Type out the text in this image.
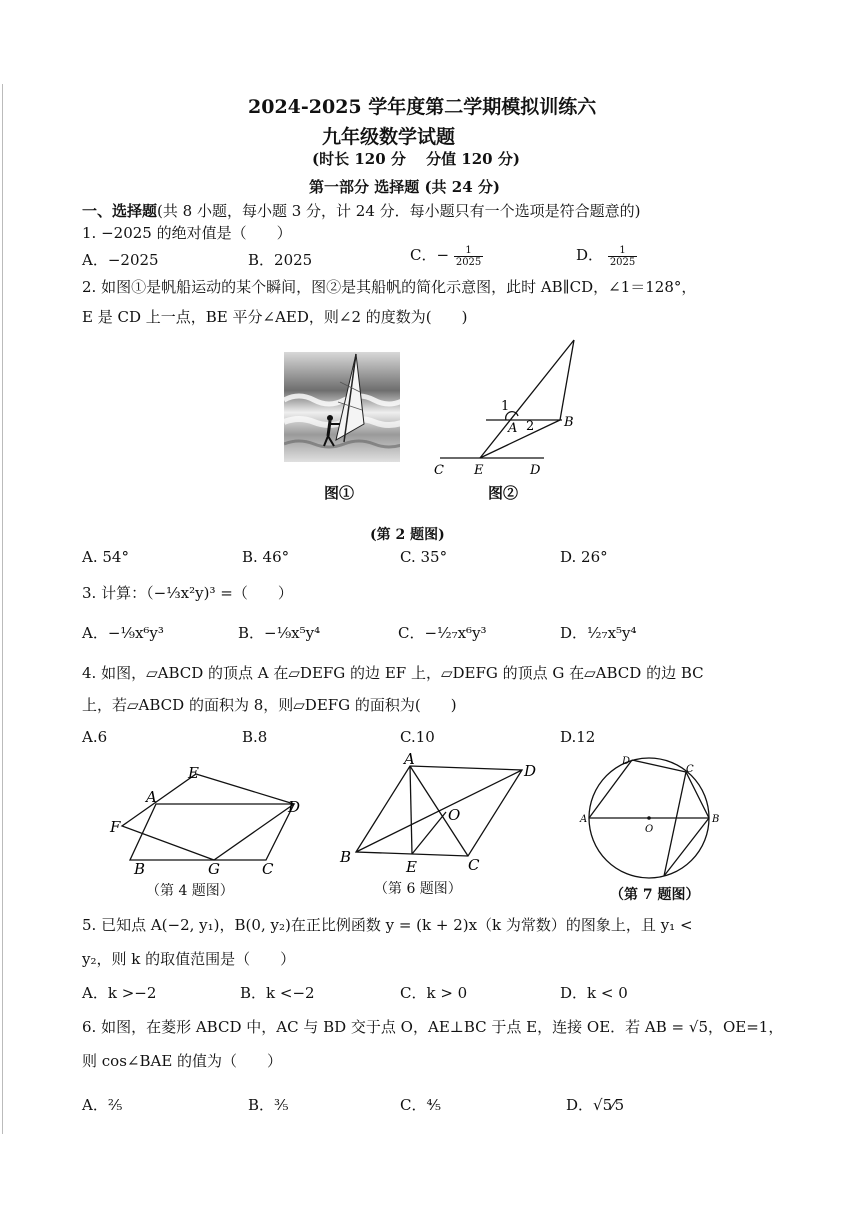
2024-2025 学年度第二学期模拟训练六
九年级数学试题
(时长 120 分　 分值 120 分)
第一部分 选择题 (共 24 分)
一、选择题(共 8 小题，每小题 3 分，计 24 分．每小题只有一个选项是符合题意的)
1. −2025 的绝对值是（　　）
A．−2025	B．2025	C．− $\frac{1}{2025}$	D． $\frac{1}{2025}$
2. 如图①是帆船运动的某个瞬间，图②是其船帆的简化示意图，此时 AB∥CD，∠1＝128°，
E 是 CD 上一点，BE 平分∠AED，则∠2 的度数为(　　)
图①
1
A 2 B
C E	D
图②
(第 2 题图)
A. 54°	B. 46°	C. 35°	D. 26°
3. 计算：（−⅓x²y)³ =（　　）
A．−⅑x⁶y³	B．−⅑x⁵y⁴	C．−¹⁄₂₇x⁶y³	D．¹⁄₂₇x⁵y⁴
4. 如图，▱ABCD 的顶点 A 在▱DEFG 的边 EF 上，▱DEFG 的顶点 G 在▱ABCD 的边 BC
上，若▱ABCD 的面积为 8，则▱DEFG 的面积为(　　)
A.6	B.8	C.10	D.12
E
A
D
F
B	G	C
（第 4 题图）
A
D
O
B
E	C
（第 6 题图）
D
C
A
O
B
（第 7 题图）
5. 已知点 A(−2, y₁)，B(0, y₂)在正比例函数 y = (k + 2)x（k 为常数）的图象上，且 y₁ <
y₂，则 k 的取值范围是（　　）
A．k >−2	B．k <−2	C．k > 0	D．k < 0
6. 如图，在菱形 ABCD 中，AC 与 BD 交于点 O，AE⊥BC 于点 E，连接 OE．若 AB = √5，OE=1，
则 cos∠BAE 的值为（　　）
A．⅖	B．⅗	C．⅘	D．√5⁄5
